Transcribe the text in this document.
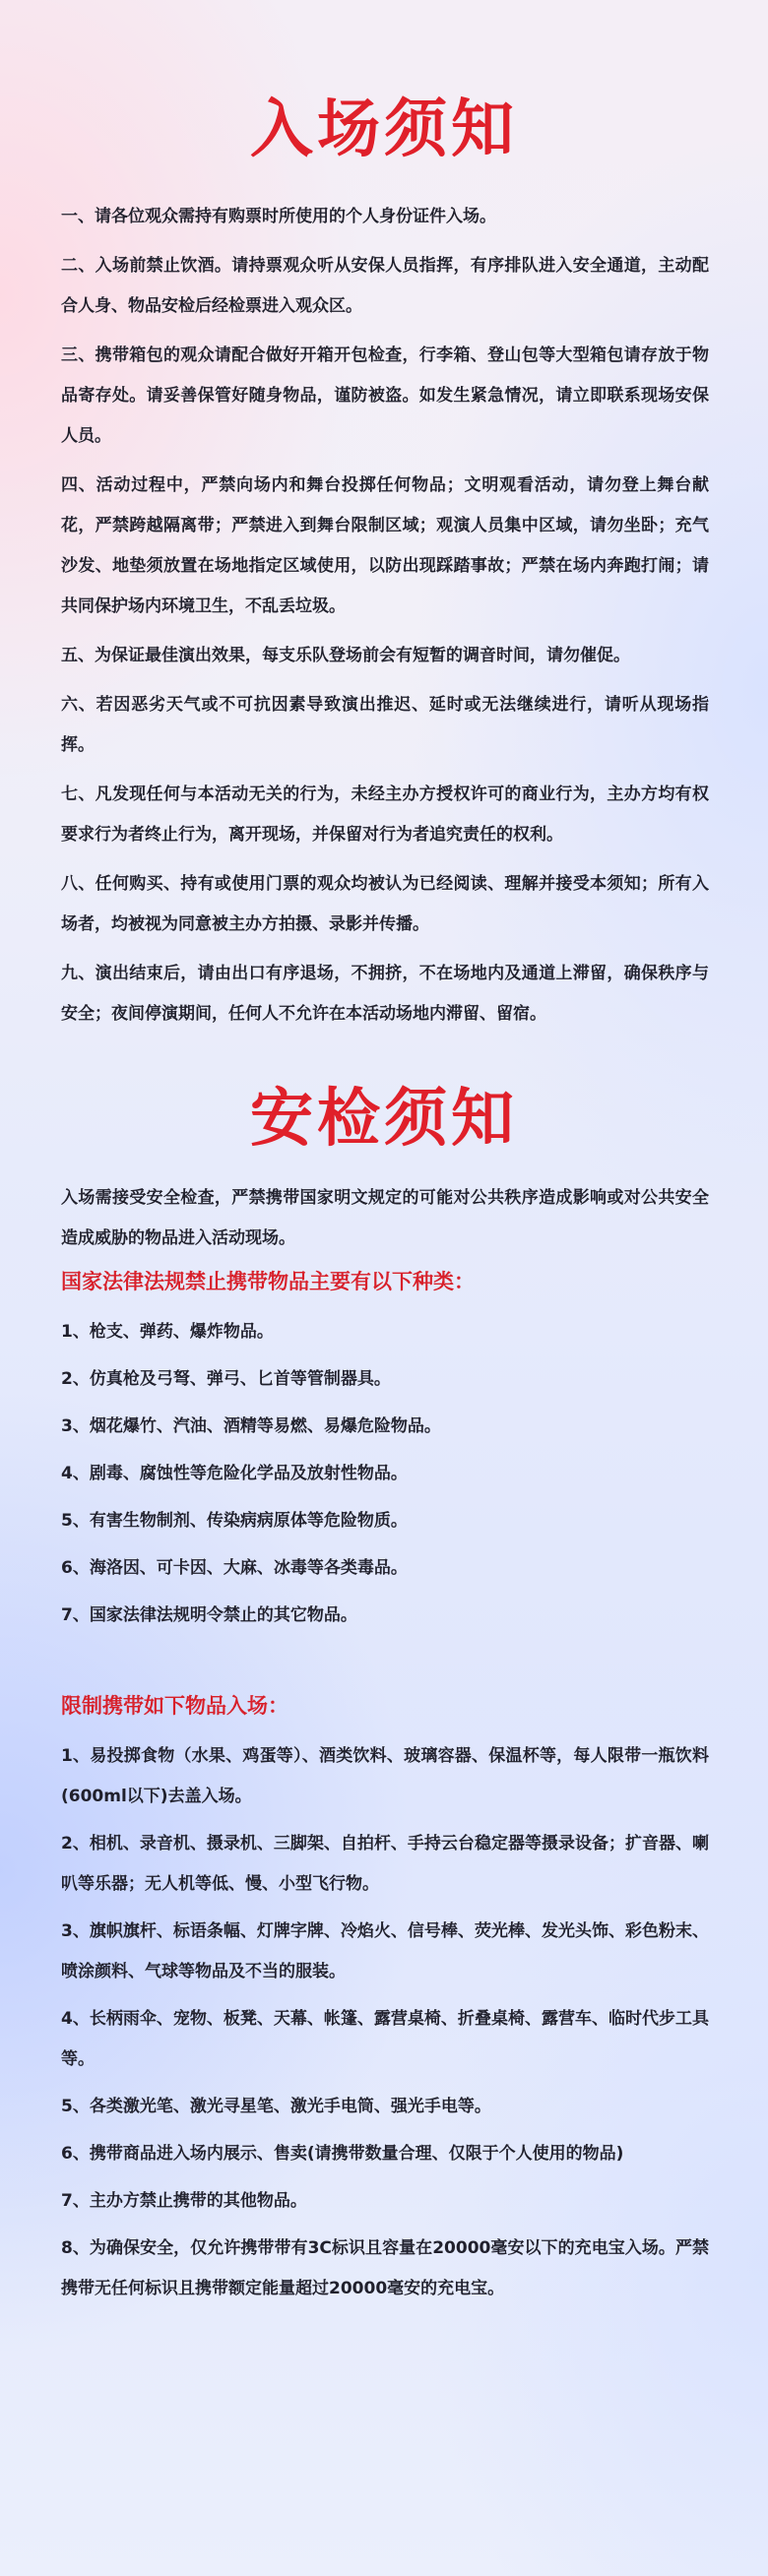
入场须知

一、请各位观众需持有购票时所使用的个人身份证件入场。

二、入场前禁止饮酒。请持票观众听从安保人员指挥，有序排队进入安全通道，主动配合人身、物品安检后经检票进入观众区。

三、携带箱包的观众请配合做好开箱开包检查，行李箱、登山包等大型箱包请存放于物品寄存处。请妥善保管好随身物品，谨防被盗。如发生紧急情况，请立即联系现场安保人员。

四、活动过程中，严禁向场内和舞台投掷任何物品；文明观看活动，请勿登上舞台献花，严禁跨越隔离带；严禁进入到舞台限制区域；观演人员集中区域，请勿坐卧；充气沙发、地垫须放置在场地指定区域使用，以防出现踩踏事故；严禁在场内奔跑打闹；请共同保护场内环境卫生，不乱丢垃圾。

五、为保证最佳演出效果，每支乐队登场前会有短暂的调音时间，请勿催促。

六、若因恶劣天气或不可抗因素导致演出推迟、延时或无法继续进行，请听从现场指挥。

七、凡发现任何与本活动无关的行为，未经主办方授权许可的商业行为，主办方均有权要求行为者终止行为，离开现场，并保留对行为者追究责任的权利。

八、任何购买、持有或使用门票的观众均被认为已经阅读、理解并接受本须知；所有入场者，均被视为同意被主办方拍摄、录影并传播。

九、演出结束后，请由出口有序退场，不拥挤，不在场地内及通道上滞留，确保秩序与安全；夜间停演期间，任何人不允许在本活动场地内滞留、留宿。

安检须知

入场需接受安全检查，严禁携带国家明文规定的可能对公共秩序造成影响或对公共安全造成威胁的物品进入活动现场。

国家法律法规禁止携带物品主要有以下种类：

1、枪支、弹药、爆炸物品。

2、仿真枪及弓弩、弹弓、匕首等管制器具。

3、烟花爆竹、汽油、酒精等易燃、易爆危险物品。

4、剧毒、腐蚀性等危险化学品及放射性物品。

5、有害生物制剂、传染病病原体等危险物质。

6、海洛因、可卡因、大麻、冰毒等各类毒品。

7、国家法律法规明令禁止的其它物品。

限制携带如下物品入场：

1、易投掷食物（水果、鸡蛋等）、酒类饮料、玻璃容器、保温杯等，每人限带一瓶饮料(600ml以下)去盖入场。

2、相机、录音机、摄录机、三脚架、自拍杆、手持云台稳定器等摄录设备；扩音器、喇叭等乐器；无人机等低、慢、小型飞行物。

3、旗帜旗杆、标语条幅、灯牌字牌、冷焰火、信号棒、荧光棒、发光头饰、彩色粉末、喷涂颜料、气球等物品及不当的服装。

4、长柄雨伞、宠物、板凳、天幕、帐篷、露营桌椅、折叠桌椅、露营车、临时代步工具等。

5、各类激光笔、激光寻星笔、激光手电筒、强光手电等。

6、携带商品进入场内展示、售卖(请携带数量合理、仅限于个人使用的物品)

7、主办方禁止携带的其他物品。

8、为确保安全，仅允许携带带有3C标识且容量在20000毫安以下的充电宝入场。严禁携带无任何标识且携带额定能量超过20000毫安的充电宝。
